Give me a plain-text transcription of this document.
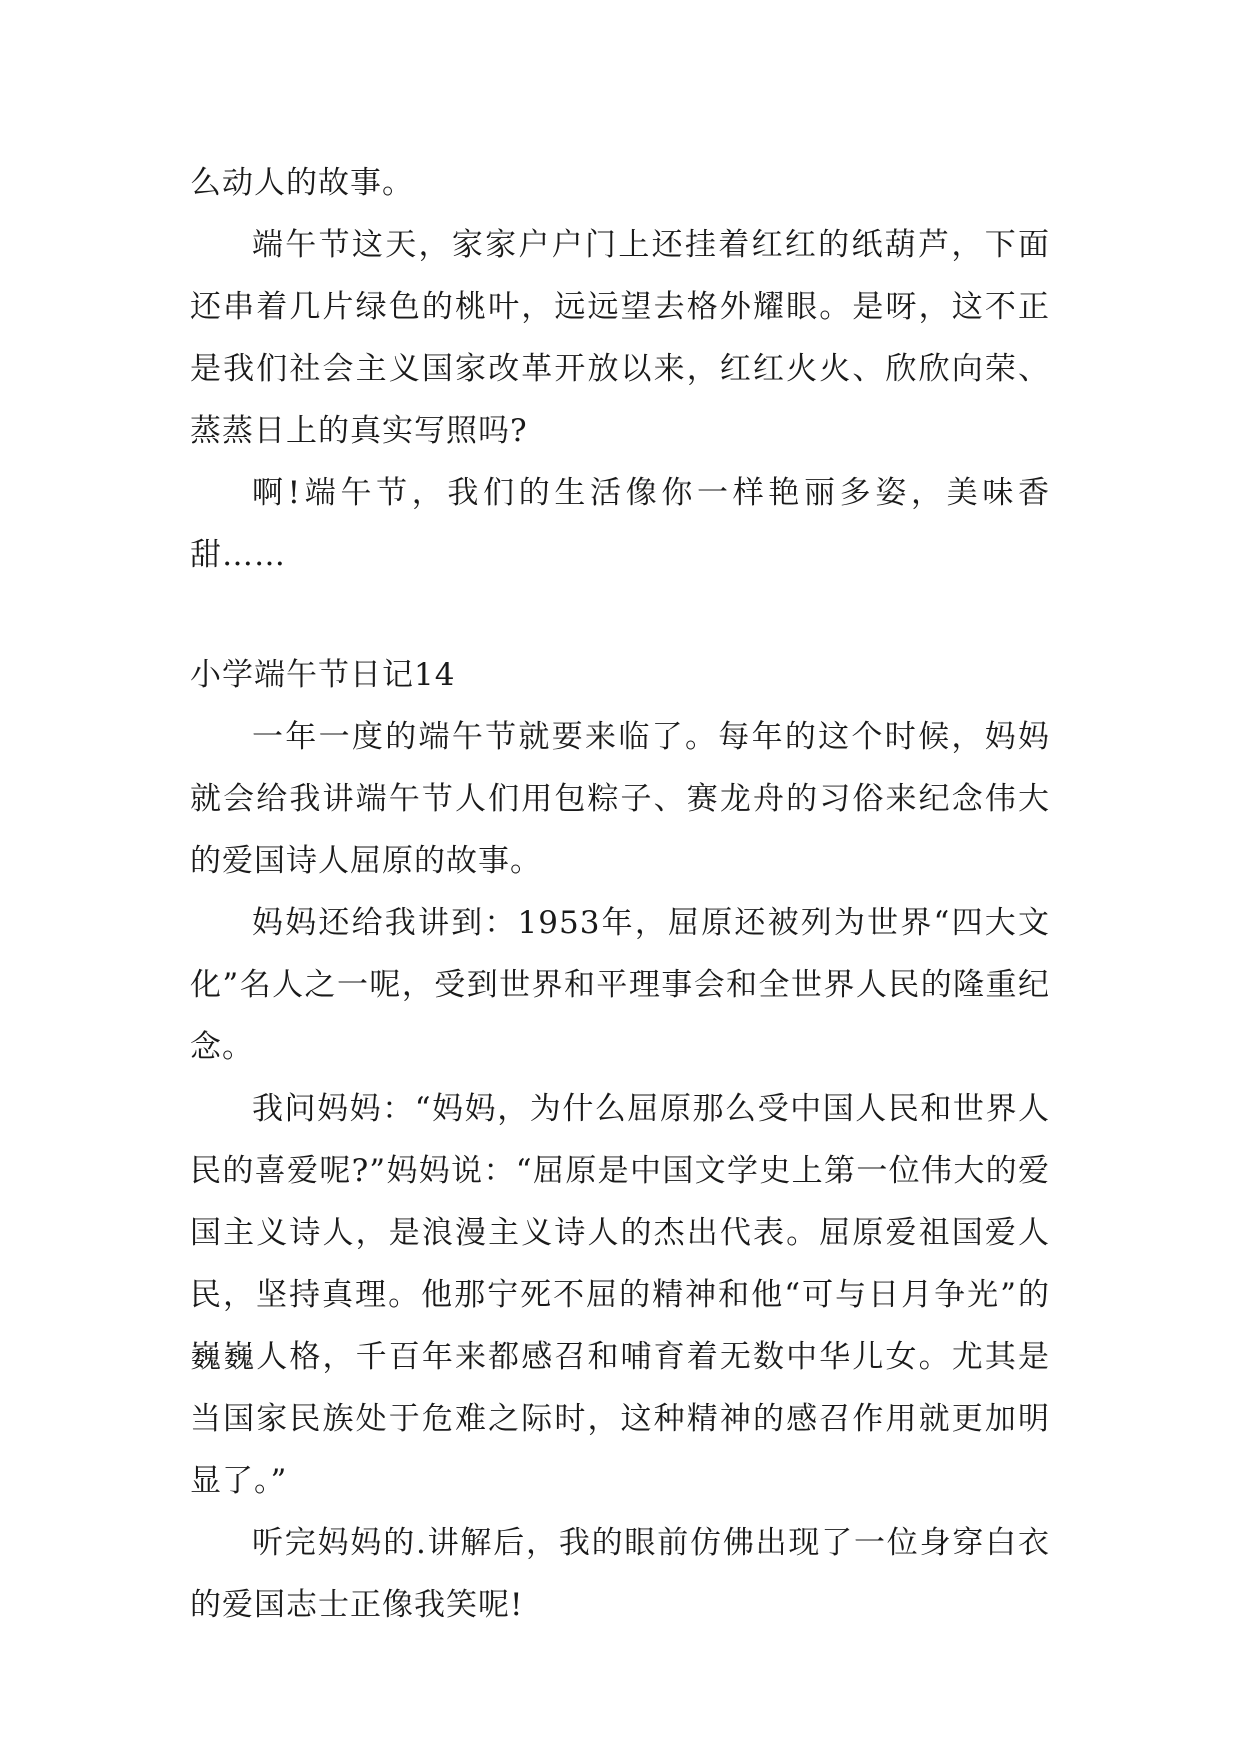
么动人的故事。

端午节这天，家家户户门上还挂着红红的纸葫芦，下面还串着几片绿色的桃叶，远远望去格外耀眼。是呀，这不正是我们社会主义国家改革开放以来，红红火火、欣欣向荣、蒸蒸日上的真实写照吗?

啊!端午节，我们的生活像你一样艳丽多姿，美味香甜……

小学端午节日记14

一年一度的端午节就要来临了。每年的这个时候，妈妈就会给我讲端午节人们用包粽子、赛龙舟的习俗来纪念伟大的爱国诗人屈原的故事。

妈妈还给我讲到：1953年，屈原还被列为世界“四大文化”名人之一呢，受到世界和平理事会和全世界人民的隆重纪念。

我问妈妈：“妈妈，为什么屈原那么受中国人民和世界人民的喜爱呢?”妈妈说：“屈原是中国文学史上第一位伟大的爱国主义诗人，是浪漫主义诗人的杰出代表。屈原爱祖国爱人民，坚持真理。他那宁死不屈的精神和他“可与日月争光”的巍巍人格，千百年来都感召和哺育着无数中华儿女。尤其是当国家民族处于危难之际时，这种精神的感召作用就更加明显了。”

听完妈妈的.讲解后，我的眼前仿佛出现了一位身穿白衣的爱国志士正像我笑呢!
